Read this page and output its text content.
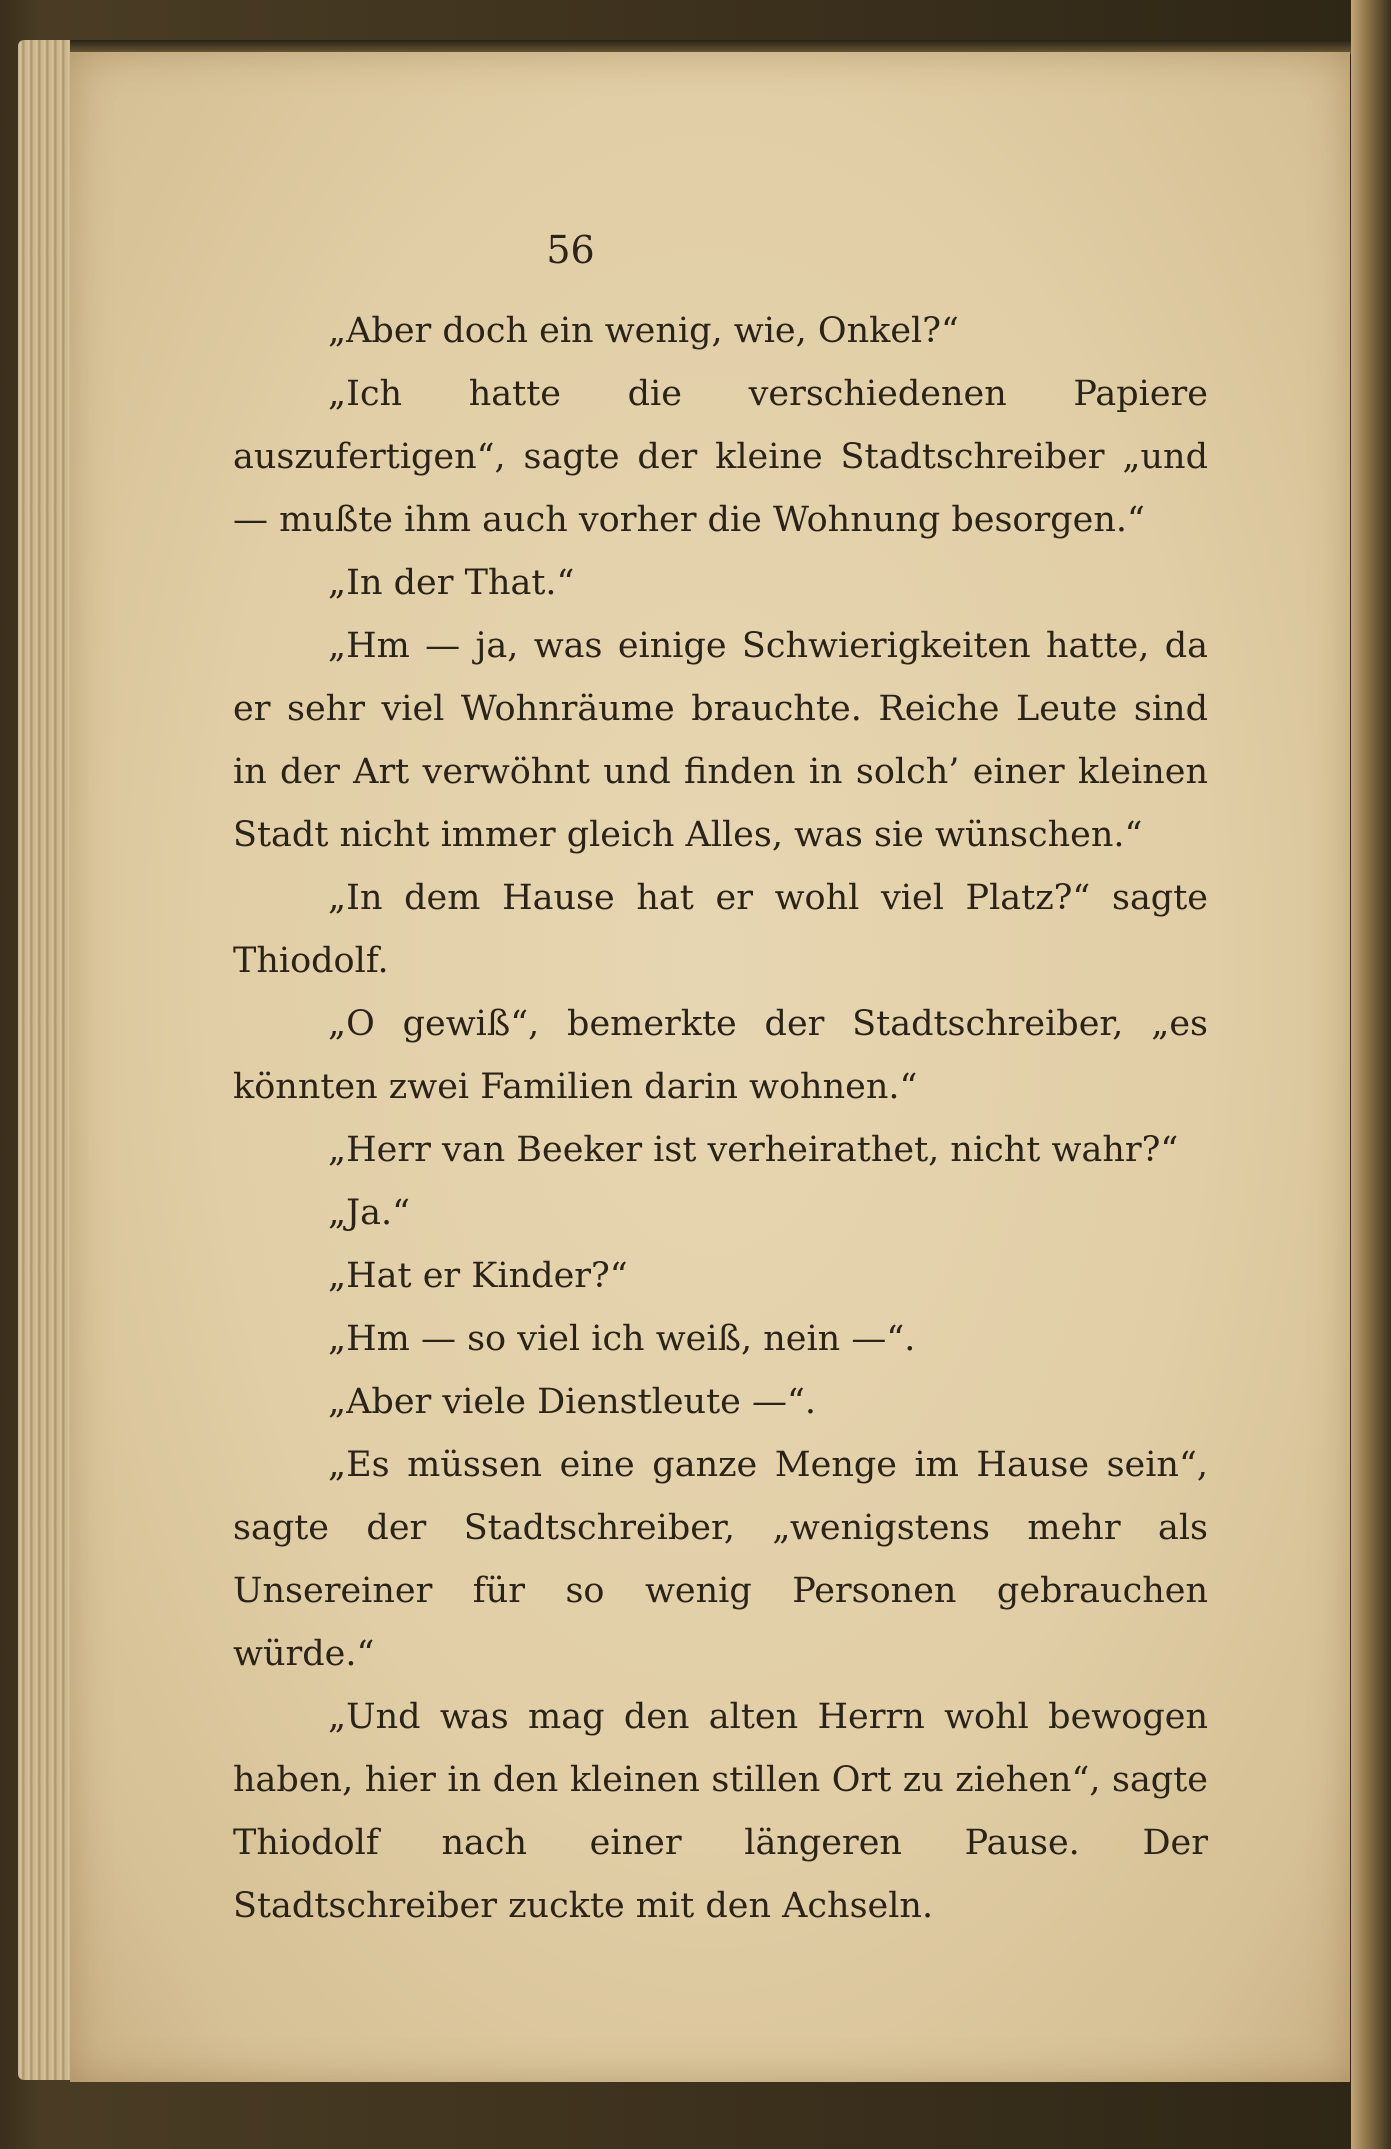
56

„Aber doch ein wenig, wie, Onkel?“

„Ich hatte die verschiedenen Papiere auszufertigen“, sagte der kleine Stadtschreiber „und — mußte ihm auch vorher die Wohnung besorgen.“

„In der That.“

„Hm — ja, was einige Schwierigkeiten hatte, da er sehr viel Wohnräume brauchte. Reiche Leute sind in der Art verwöhnt und finden in solch’ einer kleinen Stadt nicht immer gleich Alles, was sie wünschen.“

„In dem Hause hat er wohl viel Platz?“ sagte Thiodolf.

„O gewiß“, bemerkte der Stadtschreiber, „es könnten zwei Familien darin wohnen.“

„Herr van Beeker ist verheirathet, nicht wahr?“

„Ja.“

„Hat er Kinder?“

„Hm — so viel ich weiß, nein —“.

„Aber viele Dienstleute —“.

„Es müssen eine ganze Menge im Hause sein“, sagte der Stadtschreiber, „wenigstens mehr als Unsereiner für so wenig Personen gebrauchen würde.“

„Und was mag den alten Herrn wohl bewogen haben, hier in den kleinen stillen Ort zu ziehen“, sagte Thiodolf nach einer längeren Pause. Der Stadtschreiber zuckte mit den Achseln.
